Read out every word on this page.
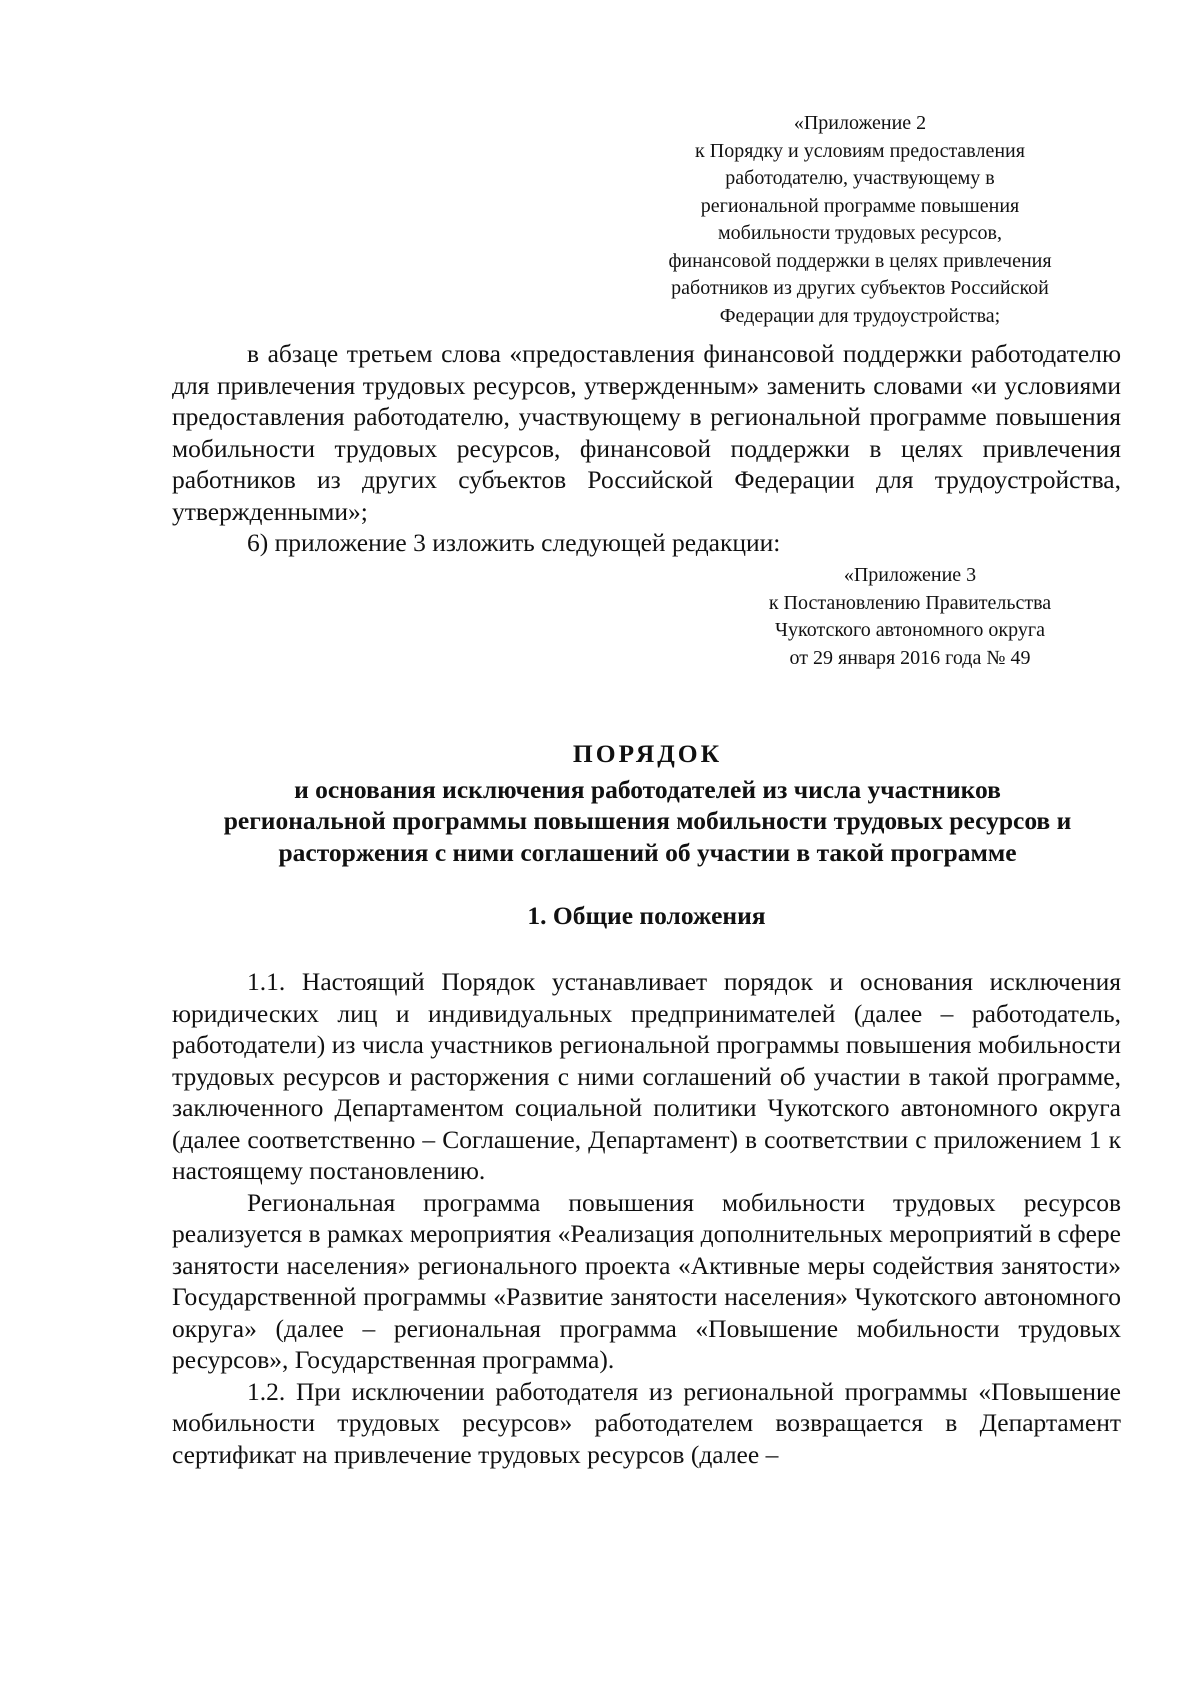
«Приложение 2
к Порядку и условиям предоставления
работодателю, участвующему в
региональной программе повышения
мобильности трудовых ресурсов,
финансовой поддержки в целях привлечения
работников из других субъектов Российской
Федерации для трудоустройства;

в абзаце третьем слова «предоставления финансовой поддержки работодателю для привлечения трудовых ресурсов, утвержденным» заменить словами «и условиями предоставления работодателю, участвующему в региональной программе повышения мобильности трудовых ресурсов, финансовой поддержки в целях привлечения работников из других субъектов Российской Федерации для трудоустройства, утвержденными»;

6) приложение 3 изложить следующей редакции:

«Приложение 3
к Постановлению Правительства
Чукотского автономного округа
от 29 января 2016 года № 49
ПОРЯДОК
и основания исключения работодателей из числа участников
региональной программы повышения мобильности трудовых ресурсов и
расторжения с ними соглашений об участии в такой программе
1. Общие положения

1.1. Настоящий Порядок устанавливает порядок и основания исключения юридических лиц и индивидуальных предпринимателей (далее – работодатель, работодатели) из числа участников региональной программы повышения мобильности трудовых ресурсов и расторжения с ними соглашений об участии в такой программе, заключенного Департаментом социальной политики Чукотского автономного округа (далее соответственно – Соглашение, Департамент) в соответствии с приложением 1 к настоящему постановлению.

Региональная программа повышения мобильности трудовых ресурсов реализуется в рамках мероприятия «Реализация дополнительных мероприятий в сфере занятости населения» регионального проекта «Активные меры содействия занятости» Государственной программы «Развитие занятости населения» Чукотского автономного округа» (далее – региональная программа «Повышение мобильности трудовых ресурсов», Государственная программа).

1.2. При исключении работодателя из региональной программы «Повышение мобильности трудовых ресурсов» работодателем возвращается в Департамент сертификат на привлечение трудовых ресурсов (далее –
